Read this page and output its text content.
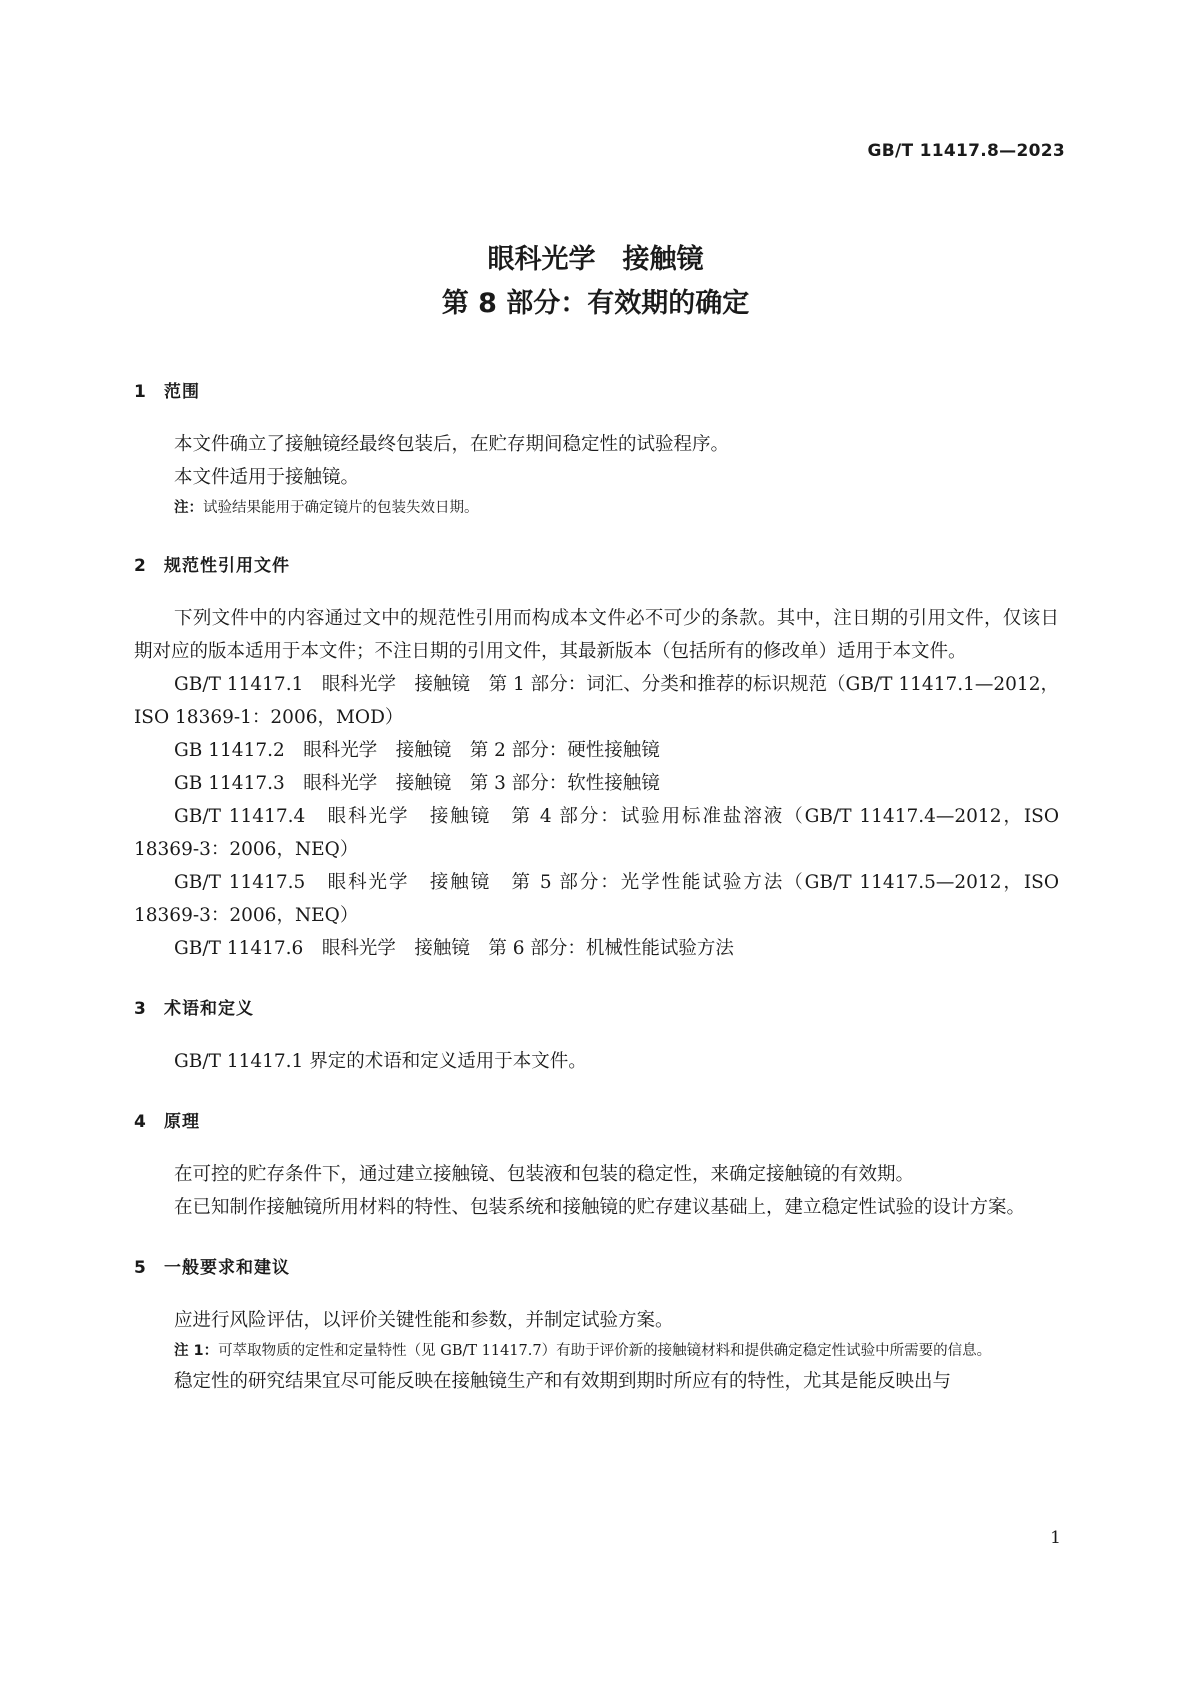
GB/T 11417.8—2023
眼科光学　接触镜
第 8 部分：有效期的确定
1 范围

本文件确立了接触镜经最终包装后，在贮存期间稳定性的试验程序。

本文件适用于接触镜。

注：试验结果能用于确定镜片的包装失效日期。

2 规范性引用文件

下列文件中的内容通过文中的规范性引用而构成本文件必不可少的条款。其中，注日期的引用文件，仅该日期对应的版本适用于本文件；不注日期的引用文件，其最新版本（包括所有的修改单）适用于本文件。

GB/T 11417.1　眼科光学　接触镜　第 1 部分：词汇、分类和推荐的标识规范（GB/T 11417.1—2012，ISO 18369-1：2006，MOD）

GB 11417.2　眼科光学　接触镜　第 2 部分：硬性接触镜

GB 11417.3　眼科光学　接触镜　第 3 部分：软性接触镜

GB/T 11417.4　眼科光学　接触镜　第 4 部分：试验用标准盐溶液（GB/T 11417.4—2012，ISO 18369-3：2006，NEQ）

GB/T 11417.5　眼科光学　接触镜　第 5 部分：光学性能试验方法（GB/T 11417.5—2012，ISO 18369-3：2006，NEQ）

GB/T 11417.6　眼科光学　接触镜　第 6 部分：机械性能试验方法

3 术语和定义

GB/T 11417.1 界定的术语和定义适用于本文件。

4 原理

在可控的贮存条件下，通过建立接触镜、包装液和包装的稳定性，来确定接触镜的有效期。

在已知制作接触镜所用材料的特性、包装系统和接触镜的贮存建议基础上，建立稳定性试验的设计方案。

5 一般要求和建议

应进行风险评估，以评价关键性能和参数，并制定试验方案。

注 1：可萃取物质的定性和定量特性（见 GB/T 11417.7）有助于评价新的接触镜材料和提供确定稳定性试验中所需要的信息。

稳定性的研究结果宜尽可能反映在接触镜生产和有效期到期时所应有的特性，尤其是能反映出与

1
